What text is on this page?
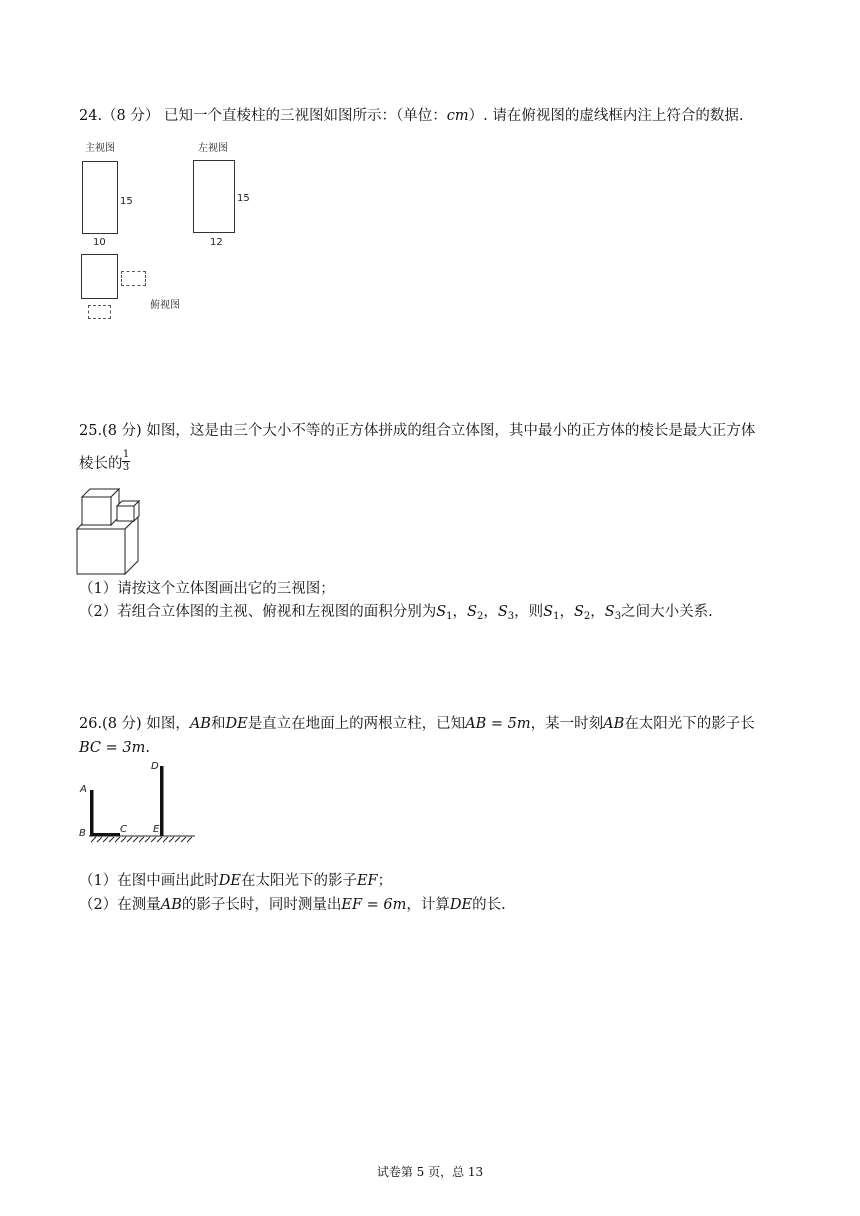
24.（8 分） 已知一个直棱柱的三视图如图所示：（单位：cm）. 请在俯视图的虚线框内注上符合的数据.
主视图
15
10
左视图
15
12
俯视图
25.(8 分) 如图，这是由三个大小不等的正方体拼成的组合立体图，其中最小的正方体的棱长是最大正方体
棱长的
1
3
（1）请按这个立体图画出它的三视图；
（2）若组合立体图的主视、俯视和左视图的面积分别为$S_1$，$S_2$，$S_3$，则$S_1$，$S_2$，$S_3$之间大小关系.
26.(8 分) 如图，AB和DE是直立在地面上的两根立柱，已知AB = 5m，某一时刻AB在太阳光下的影子长
BC = 3m.
A
B	C
D
E
（1）在图中画出此时DE在太阳光下的影子EF；
（2）在测量AB的影子长时，同时测量出EF = 6m，计算DE的长.
试卷第 5 页，总 13
